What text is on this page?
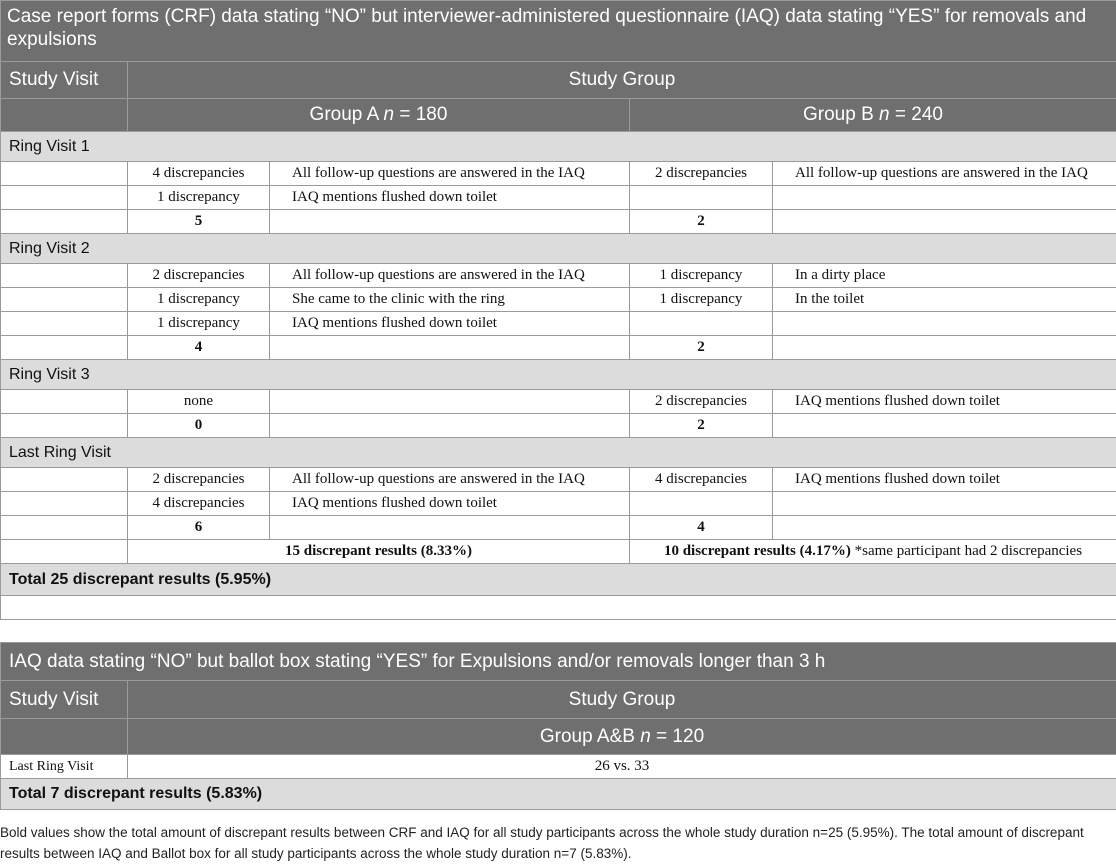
Case report forms (CRF) data stating “NO” but interviewer-administered questionnaire (IAQ) data stating “YES” for removals and expulsions				
Study Visit	Study Group			
	Group A n = 180		Group B n = 240	
Ring Visit 1				
	4 discrepancies	All follow-up questions are answered in the IAQ	2 discrepancies	All follow-up questions are answered in the IAQ
	1 discrepancy	IAQ mentions flushed down toilet		
	5		2	
Ring Visit 2				
	2 discrepancies	All follow-up questions are answered in the IAQ	1 discrepancy	In a dirty place
	1 discrepancy	She came to the clinic with the ring	1 discrepancy	In the toilet
	1 discrepancy	IAQ mentions flushed down toilet		
	4		2	
Ring Visit 3				
	none		2 discrepancies	IAQ mentions flushed down toilet
	0		2	
Last Ring Visit				
	2 discrepancies	All follow-up questions are answered in the IAQ	4 discrepancies	IAQ mentions flushed down toilet
	4 discrepancies	IAQ mentions flushed down toilet		
	6		4	
	15 discrepant results (8.33%)		10 discrepant results (4.17%) *same participant had 2 discrepancies	
Total 25 discrepant results (5.95%)				

IAQ data stating “NO” but ballot box stating “YES” for Expulsions and/or removals longer than 3 h	
Study Visit	Study Group
	Group A&B n = 120
Last Ring Visit	26 vs. 33
Total 7 discrepant results (5.83%)	
Bold values show the total amount of discrepant results between CRF and IAQ for all study participants across the whole study duration n=25 (5.95%). The total amount of discrepant results between IAQ and Ballot box for all study participants across the whole study duration n=7 (5.83%).
